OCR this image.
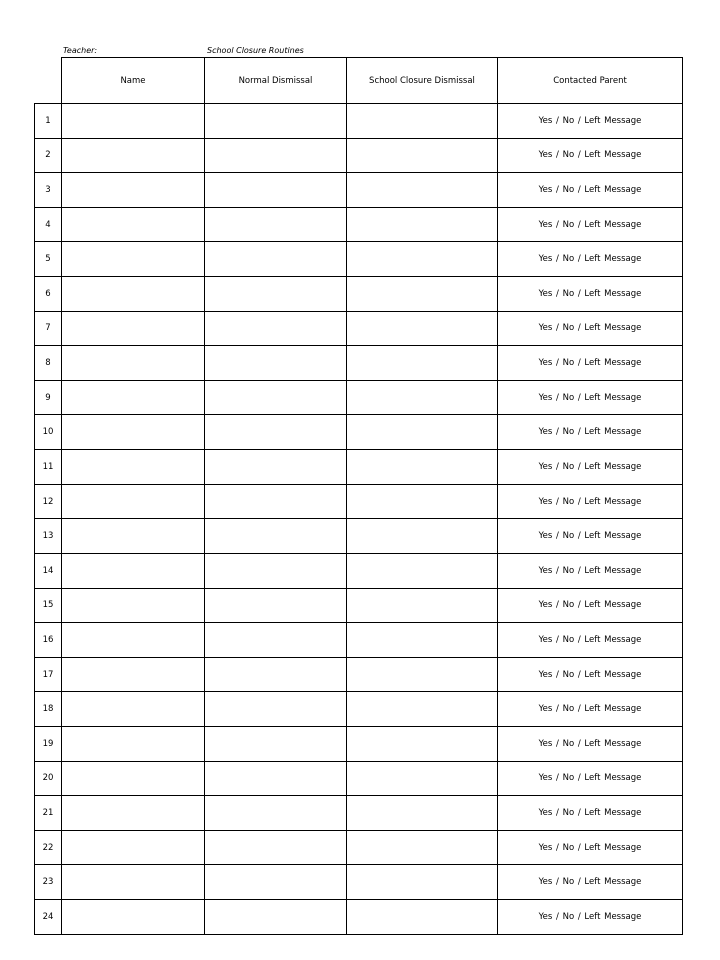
Teacher:	School Closure Routines
	Name	Normal Dismissal	School Closure Dismissal	Contacted Parent
1				Yes / No / Left Message
2				Yes / No / Left Message
3				Yes / No / Left Message
4				Yes / No / Left Message
5				Yes / No / Left Message
6				Yes / No / Left Message
7				Yes / No / Left Message
8				Yes / No / Left Message
9				Yes / No / Left Message
10				Yes / No / Left Message
11				Yes / No / Left Message
12				Yes / No / Left Message
13				Yes / No / Left Message
14				Yes / No / Left Message
15				Yes / No / Left Message
16				Yes / No / Left Message
17				Yes / No / Left Message
18				Yes / No / Left Message
19				Yes / No / Left Message
20				Yes / No / Left Message
21				Yes / No / Left Message
22				Yes / No / Left Message
23				Yes / No / Left Message
24				Yes / No / Left Message
